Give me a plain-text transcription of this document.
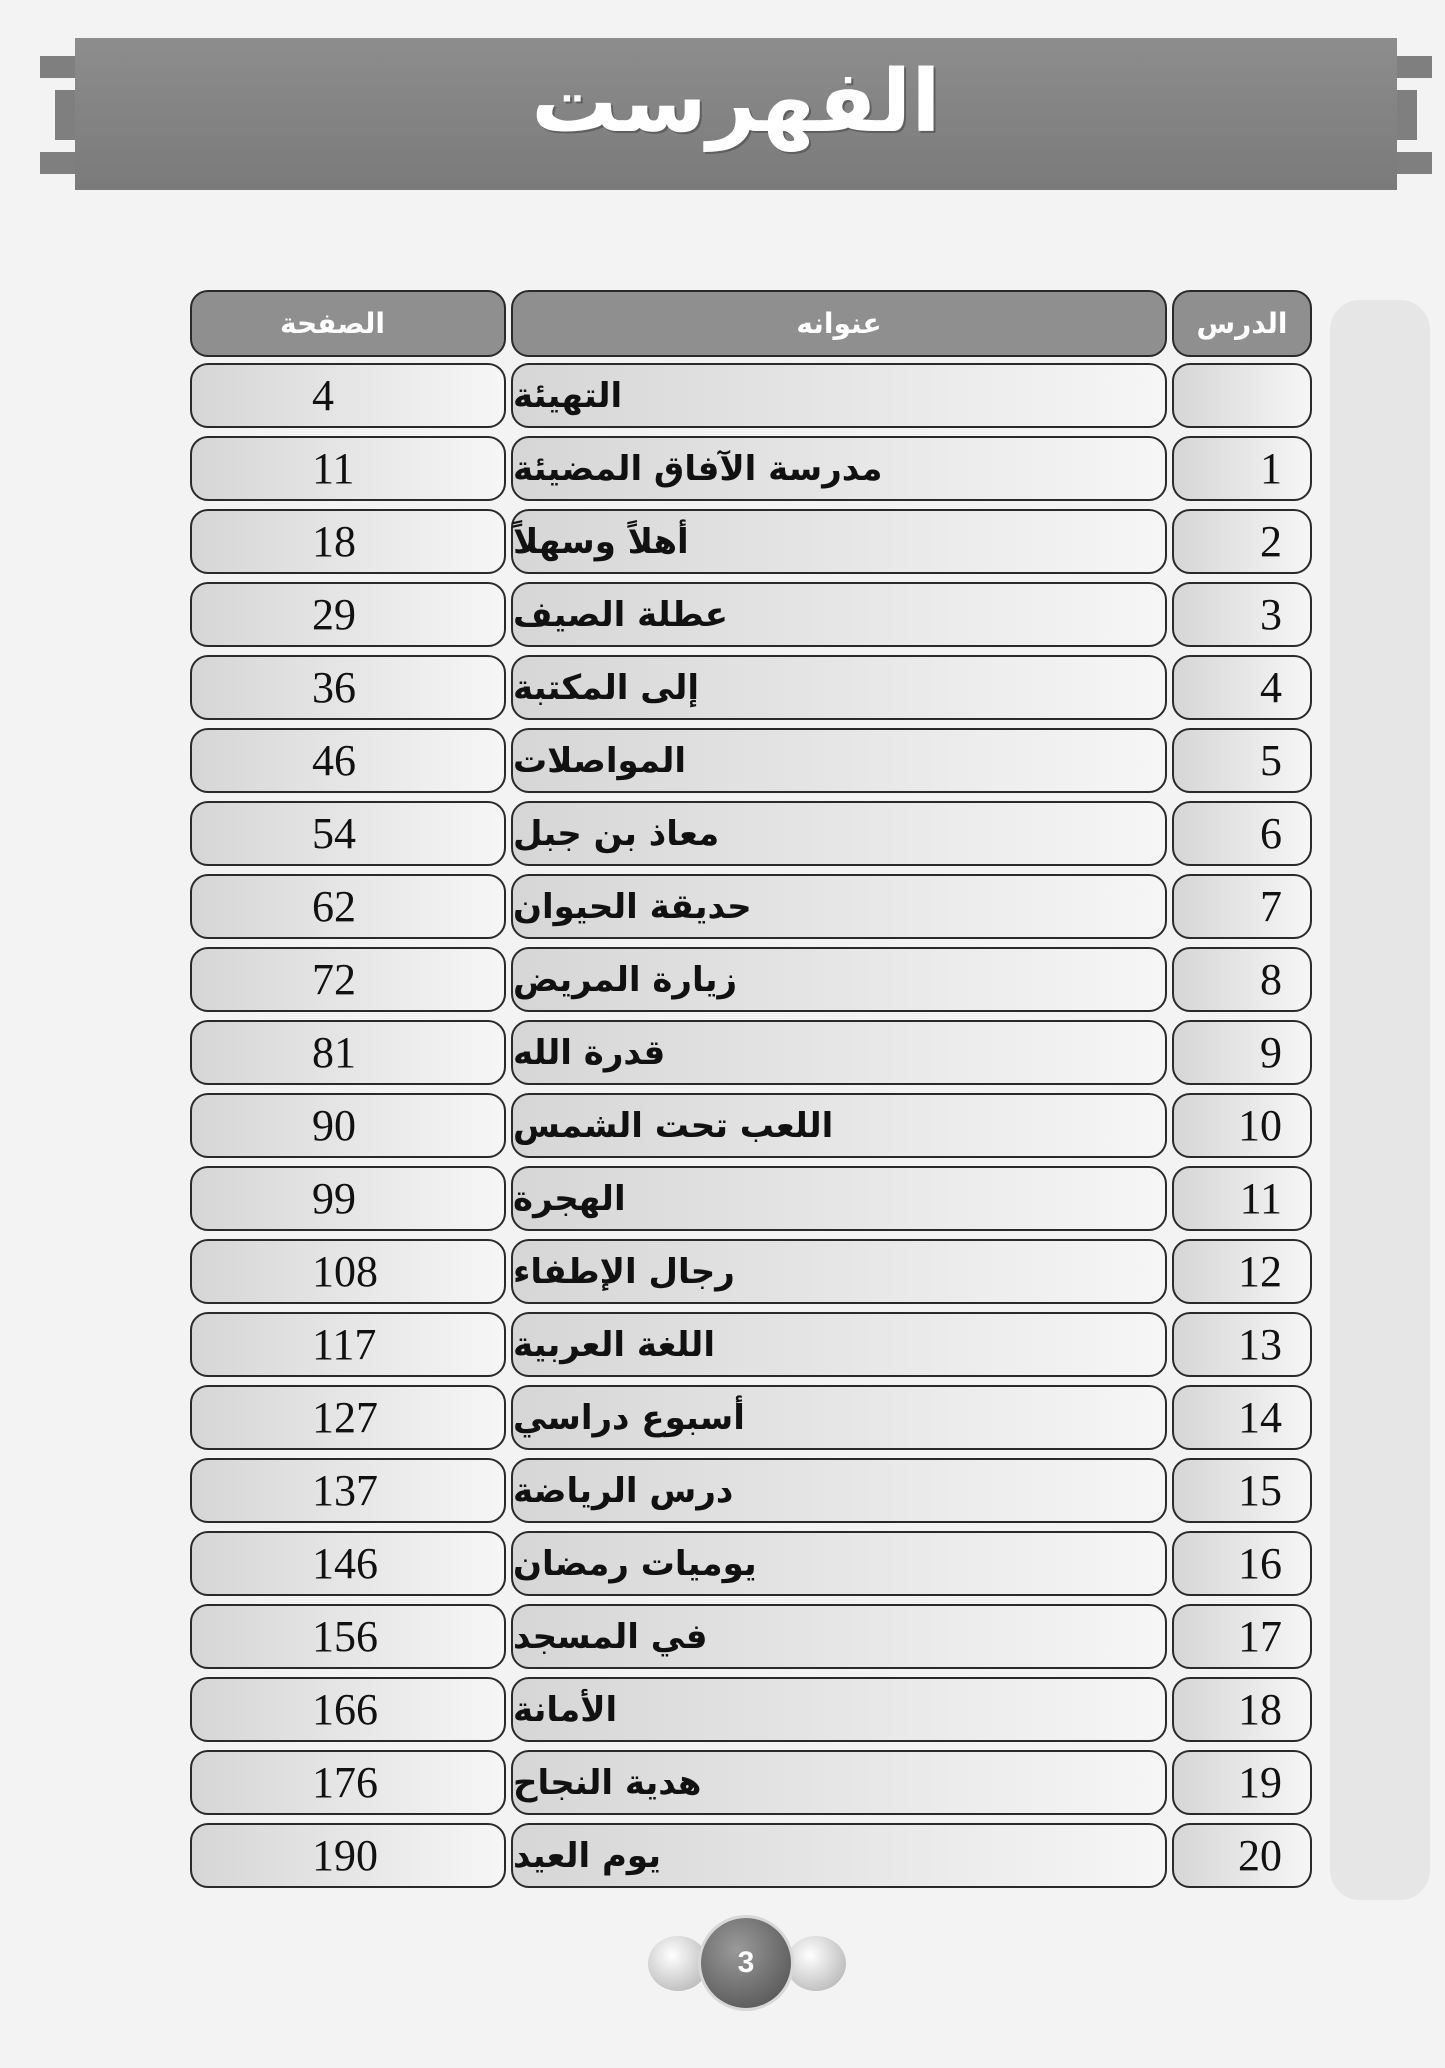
الفهرست
الصفحة	عنوانه	الدرس
4	التهيئة
11	مدرسة الآفاق المضيئة	1
18	أهلاً وسهلاً	2
29	عطلة الصيف	3
36	إلى المكتبة	4
46	المواصلات	5
54	معاذ بن جبل	6
62	حديقة الحيوان	7
72	زيارة المريض	8
81	قدرة الله	9
90	اللعب تحت الشمس	10
99	الهجرة	11
108	رجال الإطفاء	12
117	اللغة العربية	13
127	أسبوع دراسي	14
137	درس الرياضة	15
146	يوميات رمضان	16
156	في المسجد	17
166	الأمانة	18
176	هدية النجاح	19
190	يوم العيد	20
3
